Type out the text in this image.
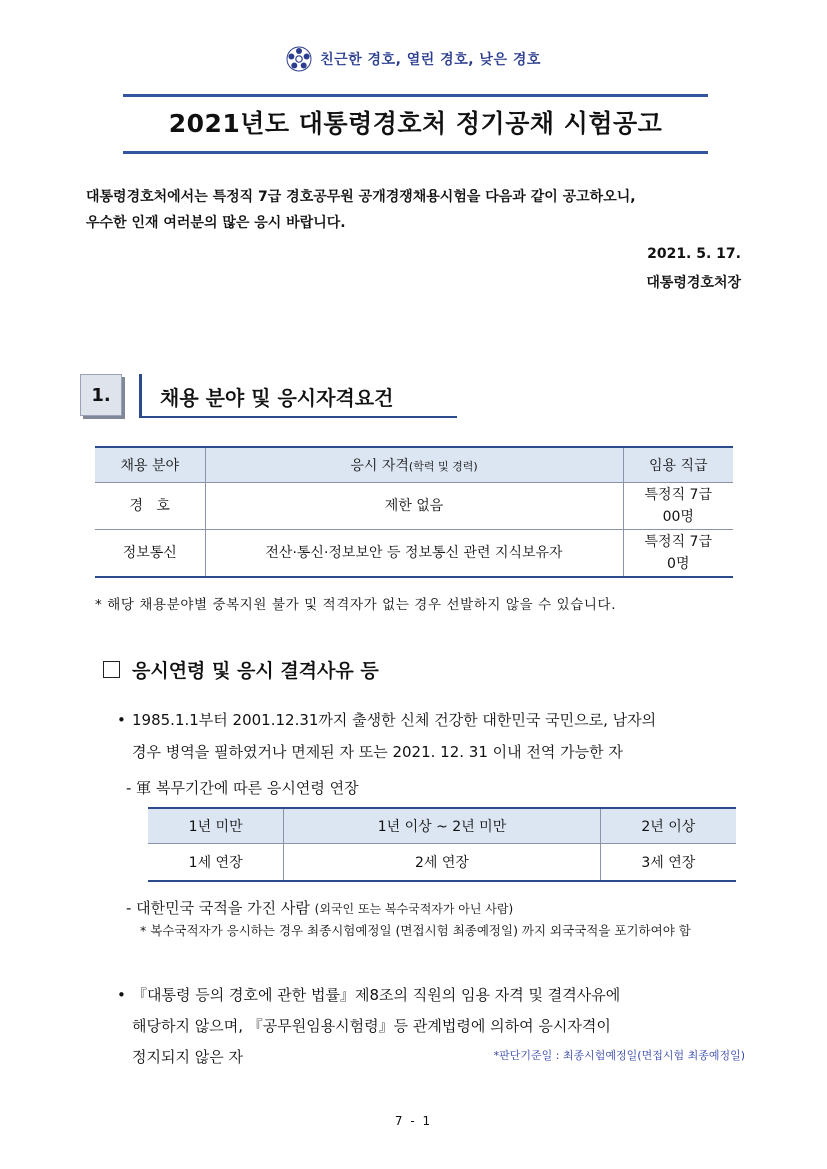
친근한 경호, 열린 경호, 낮은 경호
2021년도 대통령경호처 정기공채 시험공고
대통령경호처에서는 특정직 7급 경호공무원 공개경쟁채용시험을 다음과 같이 공고하오니,
우수한 인재 여러분의 많은 응시 바랍니다.
2021. 5. 17.
대통령경호처장
1.	채용 분야 및 응시자격요건
채용 분야	응시 자격(학력 및 경력)	임용 직급
경   호	제한 없음	특정직 7급
00명

정보통신	전산·통신·정보보안 등 정보통신 관련 지식보유자	특정직 7급
0명
* 해당 채용분야별 중복지원 불가 및 적격자가 없는 경우 선발하지 않을 수 있습니다.
응시연령 및 응시 결격사유 등
• 1985.1.1부터 2001.12.31까지 출생한 신체 건강한 대한민국 국민으로, 남자의
경우 병역을 필하였거나 면제된 자 또는 2021. 12. 31 이내 전역 가능한 자
- 軍 복무기간에 따른 응시연령 연장
1년 미만	1년 이상 ~ 2년 미만	2년 이상
1세 연장	2세 연장	3세 연장
- 대한민국 국적을 가진 사람 (외국인 또는 복수국적자가 아닌 사람)
* 복수국적자가 응시하는 경우 최종시험예정일 (면접시험 최종예정일) 까지 외국국적을 포기하여야 함
• 『대통령 등의 경호에 관한 법률』제8조의 직원의 임용 자격 및 결격사유에
해당하지 않으며, 『공무원임용시험령』등 관계법령에 의하여 응시자격이
정지되지 않은 자	*판단기준일 : 최종시험예정일(면접시험 최종예정일)
7 - 1
